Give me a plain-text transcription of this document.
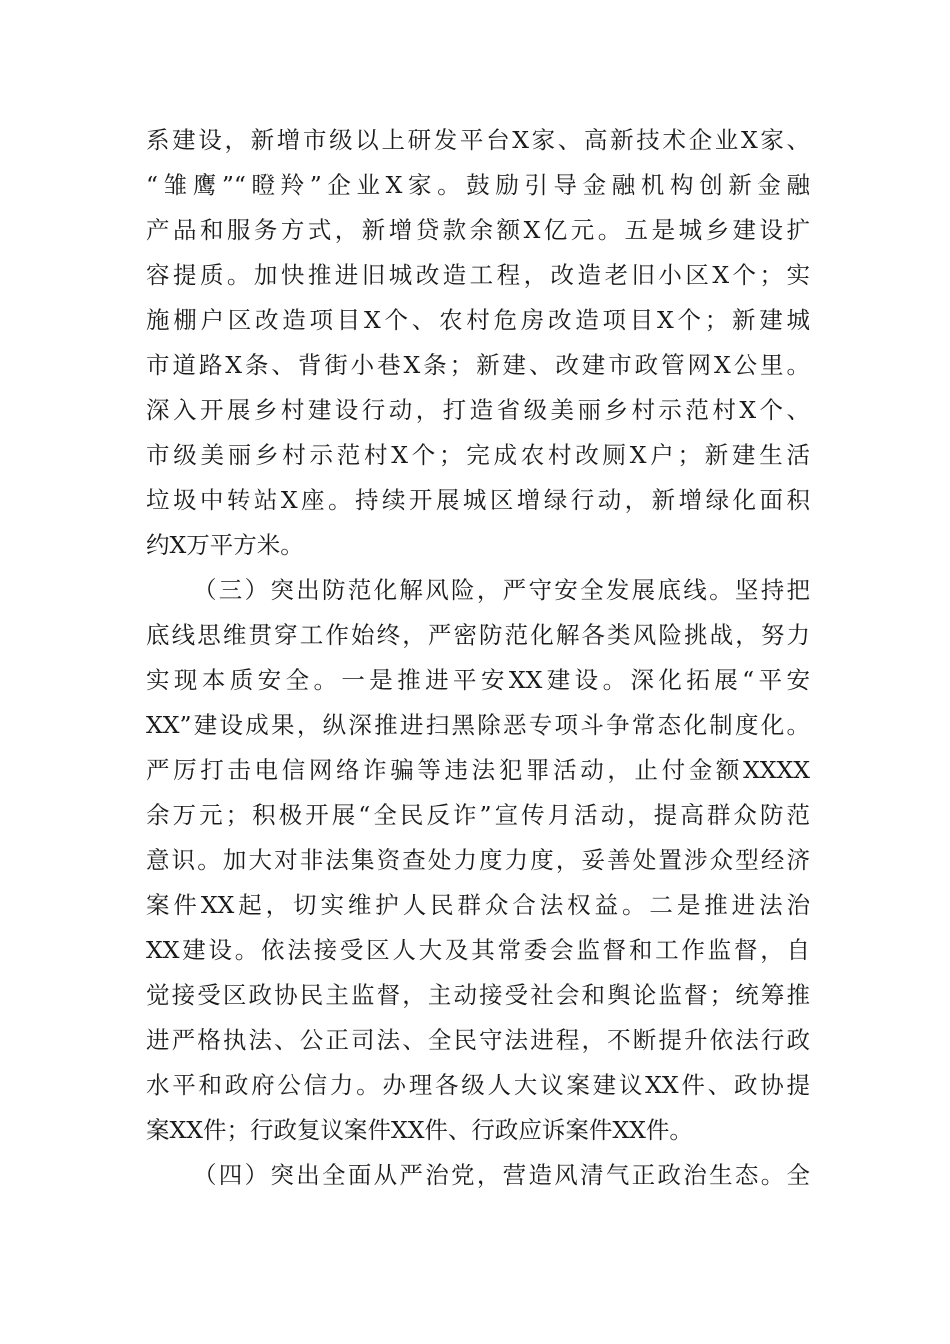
系建设，新增市级以上研发平台X家、高新技术企业X家、
“雏鹰”“瞪羚”企业X家。鼓励引导金融机构创新金融
产品和服务方式，新增贷款余额X亿元。五是城乡建设扩
容提质。加快推进旧城改造工程，改造老旧小区X个；实
施棚户区改造项目X个、农村危房改造项目X个；新建城
市道路X条、背街小巷X条；新建、改建市政管网X公里。
深入开展乡村建设行动，打造省级美丽乡村示范村X个、
市级美丽乡村示范村X个；完成农村改厕X户；新建生活
垃圾中转站X座。持续开展城区增绿行动，新增绿化面积
约X万平方米。
（三）突出防范化解风险，严守安全发展底线。坚持把
底线思维贯穿工作始终，严密防范化解各类风险挑战，努力
实现本质安全。一是推进平安XX建设。深化拓展“平安
XX”建设成果，纵深推进扫黑除恶专项斗争常态化制度化。
严厉打击电信网络诈骗等违法犯罪活动，止付金额XXXX
余万元；积极开展“全民反诈”宣传月活动，提高群众防范
意识。加大对非法集资查处力度力度，妥善处置涉众型经济
案件XX起，切实维护人民群众合法权益。二是推进法治
XX建设。依法接受区人大及其常委会监督和工作监督，自
觉接受区政协民主监督，主动接受社会和舆论监督；统筹推
进严格执法、公正司法、全民守法进程，不断提升依法行政
水平和政府公信力。办理各级人大议案建议XX件、政协提
案XX件；行政复议案件XX件、行政应诉案件XX件。
（四）突出全面从严治党，营造风清气正政治生态。全
